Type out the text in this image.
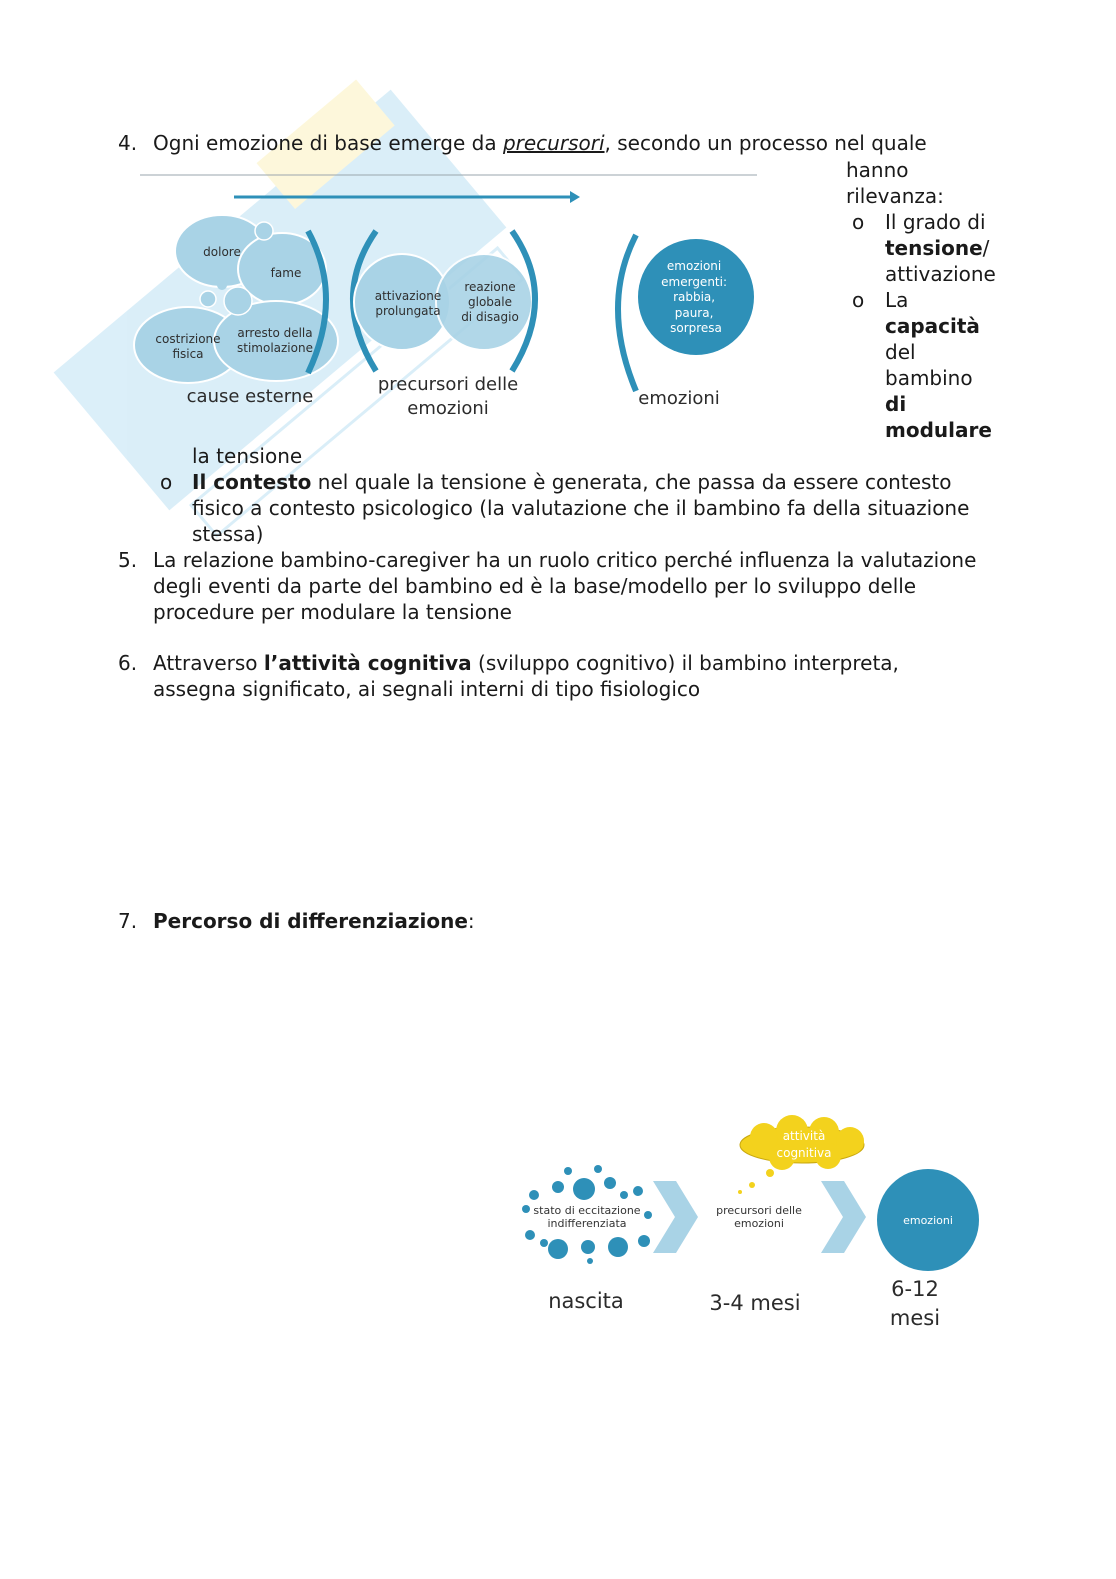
4. Ogni emozione di base emerge da precursori, secondo un processo nel quale
hanno
rilevanza:
o Il grado di
tensione/
attivazione
o La
capacità
del
bambino
di
modulare
dolore
fame
costrizione fisica
arresto della stimolazione
attivazione prolungata
reazione globale di disagio
emozioni emergenti: rabbia, paura, sorpresa
cause esterne
precursori delle
emozioni	emozioni
la tensione
o Il contesto nel quale la tensione è generata, che passa da essere contesto
fisico a contesto psicologico (la valutazione che il bambino fa della situazione
stessa)
5. La relazione bambino-caregiver ha un ruolo critico perché influenza la valutazione
degli eventi da parte del bambino ed è la base/modello per lo sviluppo delle
procedure per modulare la tensione
6. Attraverso l’attività cognitiva (sviluppo cognitivo) il bambino interpreta,
assegna significato, ai segnali interni di tipo fisiologico
7. Percorso di differenziazione:
attività
cognitiva
stato di eccitazione
indifferenziata
precursori delle
emozioni	emozioni
nascita	3-4 mesi
6-12
mesi
